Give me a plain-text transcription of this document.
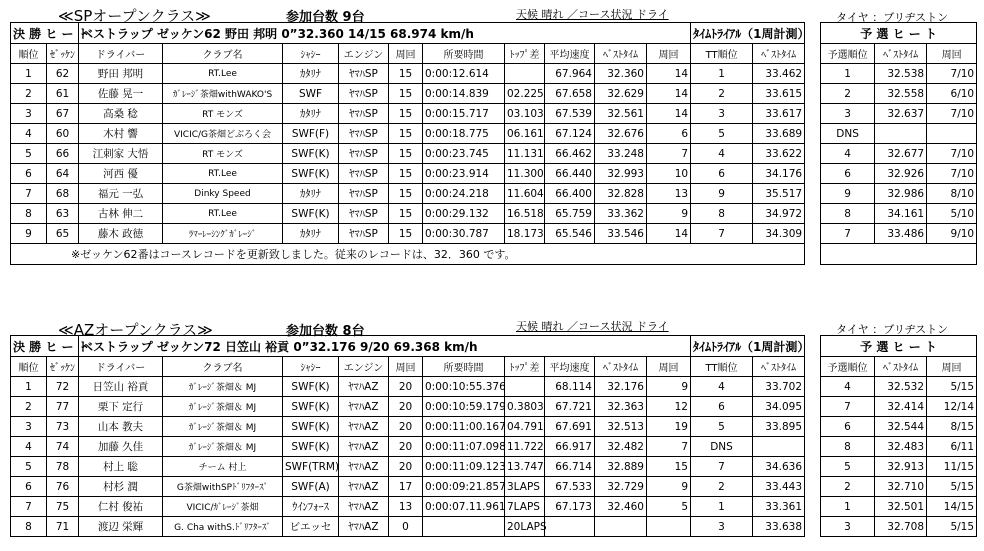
≪SPオープンクラス≫	参加台数 9台	天候 晴れ ／コース状況 ドライ	タイヤ ：ブリヂストン
決 勝 ヒ ー ト		ベストラップ ゼッケン62 野田 邦明 0”32.360 14/15 68.974 km/h										ﾀｲﾑﾄﾗｲｱﾙ（1周計測）			予 選 ヒ ー ト		
順位	ｾﾞｯｹﾝ	ドライバー	クラブ名	ｼｬｼｰ	エンジン	周回	所要時間	ﾄｯﾌﾟ差	平均速度	ﾍﾞｽﾄﾀｲﾑ	周回	TT順位	ﾍﾞｽﾄﾀｲﾑ		予選順位	ﾍﾞｽﾄﾀｲﾑ	周回
1	62	野田 邦明	RT.Lee	ｶﾀﾘﾅ	ﾔﾏﾊSP	15	0:00:12.614		67.964	32.360	14	1	33.462		1	32.538	7/10
2	61	佐藤 晃一	ｶﾞﾚｰｼﾞ茶畑withWAKO'S	SWF	ﾔﾏﾊSP	15	0:00:14.839	02.225	67.658	32.629	14	2	33.615		2	32.558	6/10
3	67	高桑 稔	RT モンズ	ｶﾀﾘﾅ	ﾔﾏﾊSP	15	0:00:15.717	03.103	67.539	32.561	14	3	33.617		3	32.637	7/10
4	60	木村 響	VICIC/G茶畑どぶろく会	SWF(F)	ﾔﾏﾊSP	15	0:00:18.775	06.161	67.124	32.676	6	5	33.689		DNS		
5	66	江刺家 大悟	RT モンズ	SWF(K)	ﾔﾏﾊSP	15	0:00:23.745	11.131	66.462	33.248	7	4	33.622		4	32.677	7/10
6	64	河西 優	RT.Lee	SWF(K)	ﾔﾏﾊSP	15	0:00:23.914	11.300	66.440	32.993	10	6	34.176		6	32.926	7/10
7	68	福元 一弘	Dinky Speed	ｶﾀﾘﾅ	ﾔﾏﾊSP	15	0:00:24.218	11.604	66.400	32.828	13	9	35.517		9	32.986	8/10
8	63	古林 伸二	RT.Lee	SWF(K)	ﾔﾏﾊSP	15	0:00:29.132	16.518	65.759	33.362	9	8	34.972		8	34.161	5/10
9	65	藤木 政徳	ﾗﾏｰﾚｰｼﾝｸﾞｶﾞﾚｰｼﾞ	ｶﾀﾘﾅ	ﾔﾏﾊSP	15	0:00:30.787	18.173	65.546	33.546	14	7	34.309		7	33.486	9/10
※ゼッケン62番はコースレコードを更新致しました。従来のレコードは、32．360 です。																	
≪AZオープンクラス≫	参加台数 8台	天候 晴れ ／コース状況 ドライ	タイヤ ：ブリヂストン
決 勝 ヒ ー ト		ベストラップ ゼッケン72 日笠山 裕貢 0”32.176 9/20 69.368 km/h										ﾀｲﾑﾄﾗｲｱﾙ（1周計測）			予 選 ヒ ー ト		
順位	ｾﾞｯｹﾝ	ドライバー	クラブ名	ｼｬｼｰ	エンジン	周回	所要時間	ﾄｯﾌﾟ差	平均速度	ﾍﾞｽﾄﾀｲﾑ	周回	TT順位	ﾍﾞｽﾄﾀｲﾑ		予選順位	ﾍﾞｽﾄﾀｲﾑ	周回
1	72	日笠山 裕貢	ｶﾞﾚｰｼﾞ茶畑＆ MJ	SWF(K)	ﾔﾏﾊAZ	20	0:00:10:55.376		68.114	32.176	9	4	33.702		4	32.532	5/15
2	77	栗下 定行	ｶﾞﾚｰｼﾞ茶畑＆ MJ	SWF(K)	ﾔﾏﾊAZ	20	0:00:10:59.179	0.3803	67.721	32.363	12	6	34.095		7	32.414	12/14
3	73	山本 教夫	ｶﾞﾚｰｼﾞ茶畑＆ MJ	SWF(K)	ﾔﾏﾊAZ	20	0:00:11:00.167	04.791	67.691	32.513	19	5	33.895		6	32.544	8/15
4	74	加藤 久佳	ｶﾞﾚｰｼﾞ茶畑＆ MJ	SWF(K)	ﾔﾏﾊAZ	20	0:00:11:07.098	11.722	66.917	32.482	7	DNS			8	32.483	6/11
5	78	村上 聡	チーム 村上	SWF(TRM)	ﾔﾏﾊAZ	20	0:00:11:09.123	13.747	66.714	32.889	15	7	34.636		5	32.913	11/15
6	76	村杉 潤	G茶畑withSPﾄﾞﾘﾌﾀｰｽﾞ	SWF(A)	ﾔﾏﾊAZ	17	0:00:09:21.857	3LAPS	67.533	32.729	9	2	33.443		2	32.710	5/15
7	75	仁村 俊祐	VICIC/ｶﾞﾚｰｼﾞ茶畑	ｳｲﾝﾌｫｰｽ	ﾔﾏﾊAZ	13	0:00:07.11.961	7LAPS	67.173	32.460	5	1	33.361		1	32.501	14/15
8	71	渡辺 栄輝	G. Cha withS.ﾄﾞﾘﾌﾀｰｽﾞ	ビエッセ	ﾔﾏﾊAZ	0		20LAPS				3	33.638		3	32.708	5/15
